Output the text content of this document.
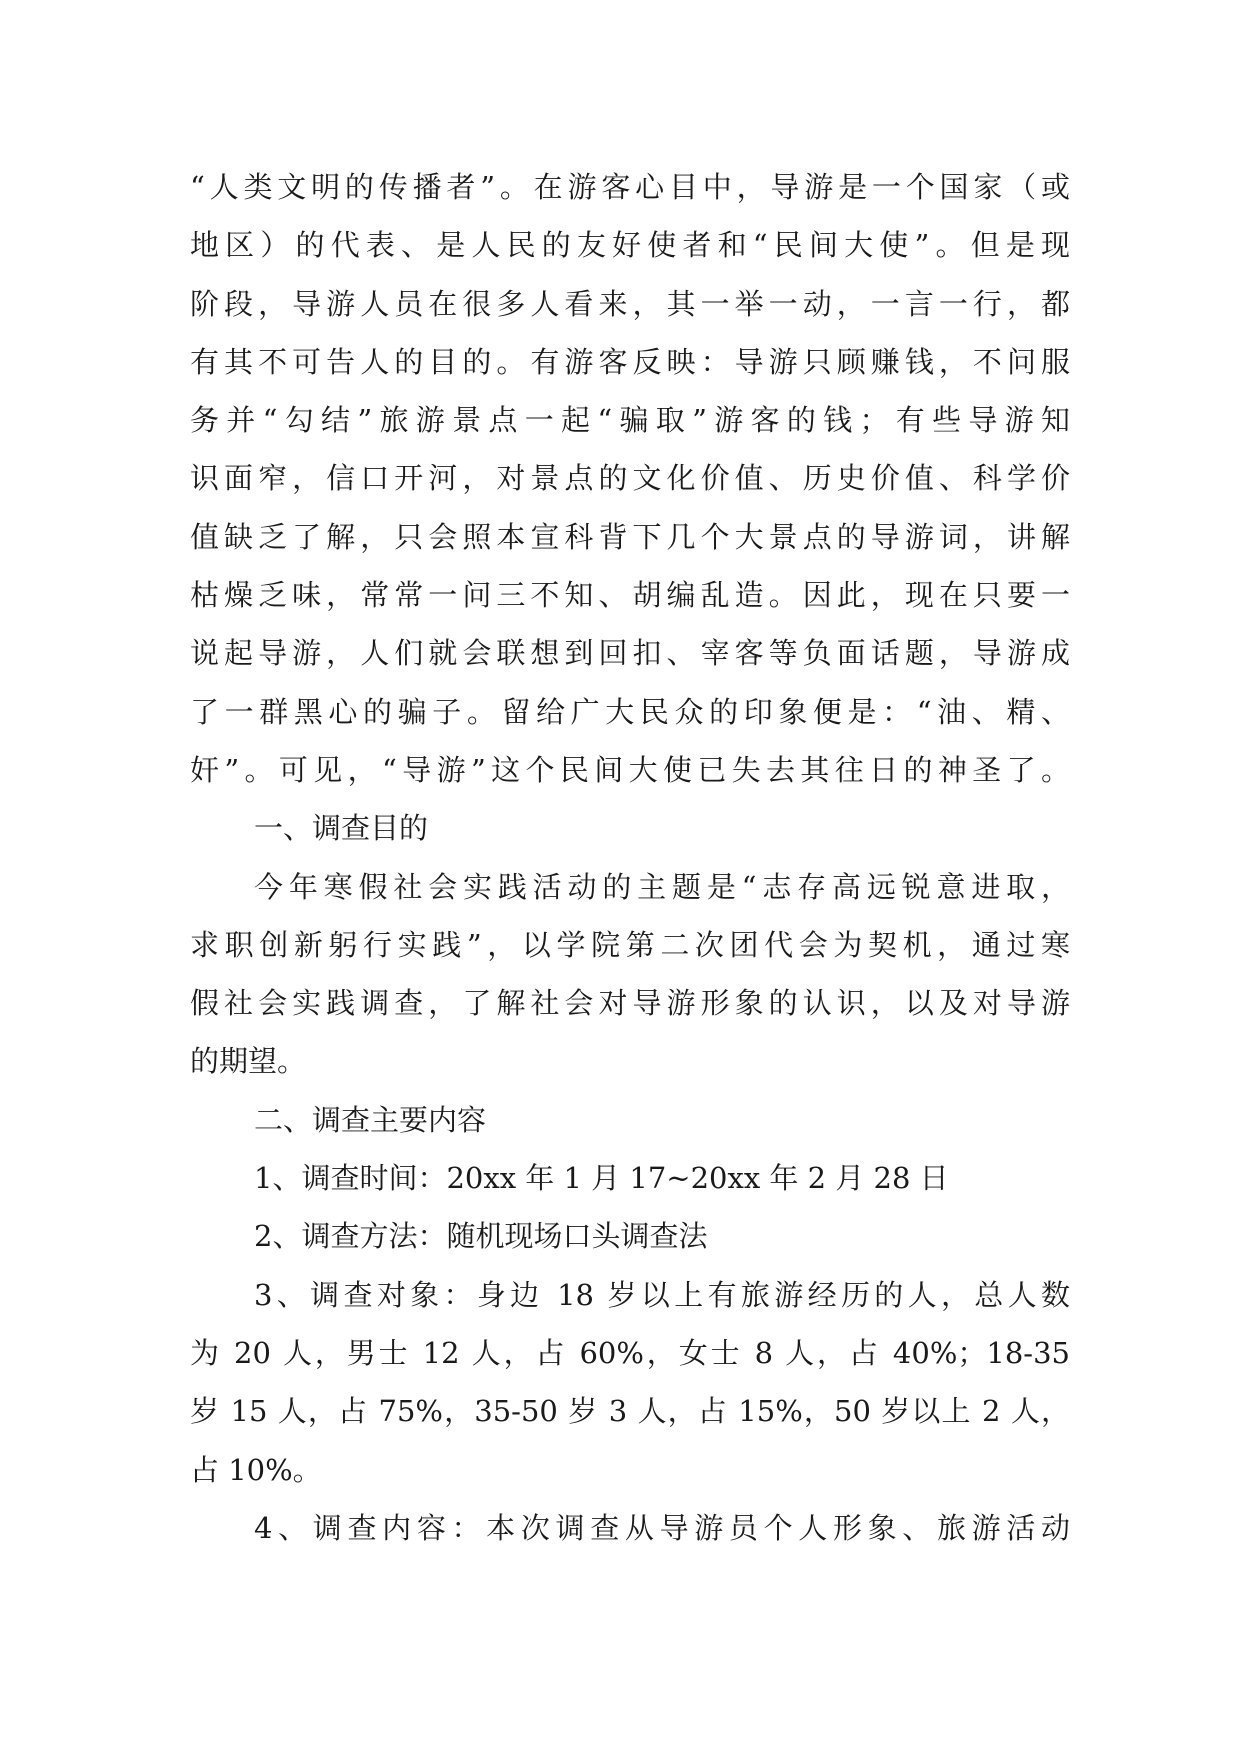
“人类文明的传播者”。在游客心目中，导游是一个国家（或
地区）的代表、是人民的友好使者和“民间大使”。但是现
阶段，导游人员在很多人看来，其一举一动，一言一行，都
有其不可告人的目的。有游客反映：导游只顾赚钱，不问服
务并“勾结”旅游景点一起“骗取”游客的钱；有些导游知
识面窄，信口开河，对景点的文化价值、历史价值、科学价
值缺乏了解，只会照本宣科背下几个大景点的导游词，讲解
枯燥乏味，常常一问三不知、胡编乱造。因此，现在只要一
说起导游，人们就会联想到回扣、宰客等负面话题，导游成
了一群黑心的骗子。留给广大民众的印象便是：“油、精、
奸”。可见，“导游”这个民间大使已失去其往日的神圣了。
一、调查目的
今年寒假社会实践活动的主题是“志存高远锐意进取，
求职创新躬行实践”，以学院第二次团代会为契机，通过寒
假社会实践调查，了解社会对导游形象的认识，以及对导游
的期望。
二、调查主要内容
1、调查时间：20xx 年 1 月 17~20xx 年 2 月 28 日
2、调查方法：随机现场口头调查法
3、调查对象：身边 18 岁以上有旅游经历的人，总人数
为 20 人，男士 12 人，占 60%，女士 8 人，占 40%；18-35
岁 15 人，占 75%，35-50 岁 3 人，占 15%，50 岁以上 2 人，
占 10%。
4、调查内容：本次调查从导游员个人形象、旅游活动
